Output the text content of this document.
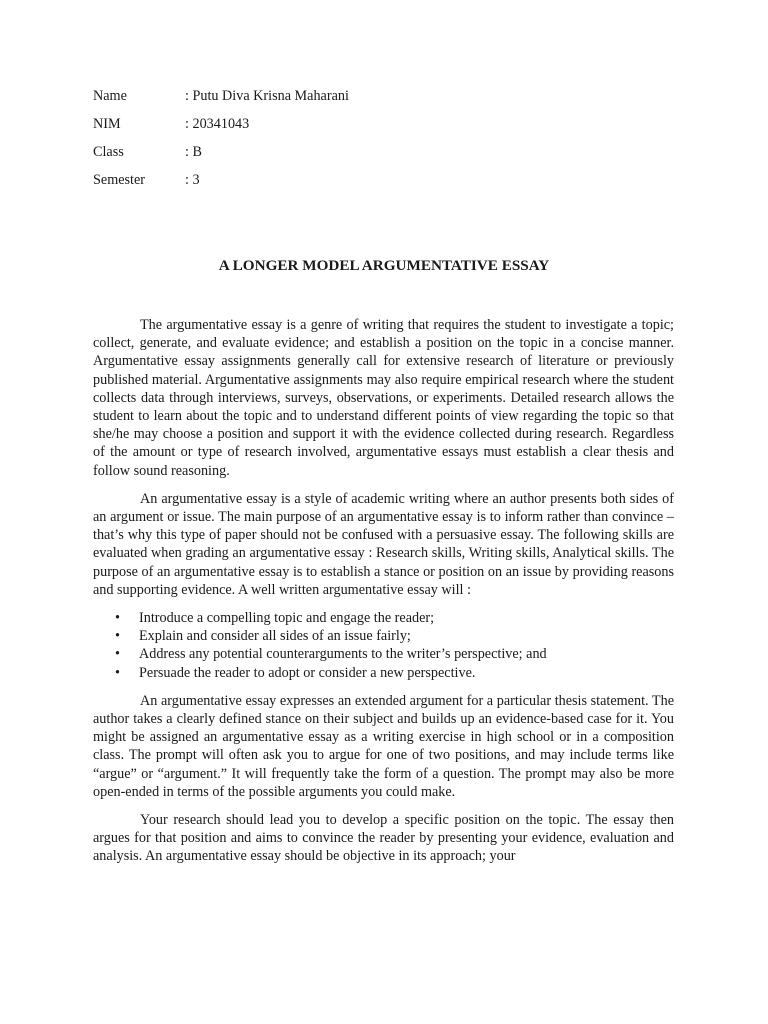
Name	: Putu Diva Krisna Maharani
NIM	: 20341043
Class	: B
Semester	: 3
A LONGER MODEL ARGUMENTATIVE ESSAY

The argumentative essay is a genre of writing that requires the student to investigate a topic; collect, generate, and evaluate evidence; and establish a position on the topic in a concise manner. Argumentative essay assignments generally call for extensive research of literature or previously published material. Argumentative assignments may also require empirical research where the student collects data through interviews, surveys, observations, or experiments. Detailed research allows the student to learn about the topic and to understand different points of view regarding the topic so that she/he may choose a position and support it with the evidence collected during research. Regardless of the amount or type of research involved, argumentative essays must establish a clear thesis and follow sound reasoning.

An argumentative essay is a style of academic writing where an author presents both sides of an argument or issue. The main purpose of an argumentative essay is to inform rather than convince – that’s why this type of paper should not be confused with a persuasive essay. The following skills are evaluated when grading an argumentative essay : Research skills, Writing skills, Analytical skills. The purpose of an argumentative essay is to establish a stance or position on an issue by providing reasons and supporting evidence. A well written argumentative essay will :

• Introduce a compelling topic and engage the reader;
• Explain and consider all sides of an issue fairly;
• Address any potential counterarguments to the writer’s perspective; and
• Persuade the reader to adopt or consider a new perspective.

An argumentative essay expresses an extended argument for a particular thesis statement. The author takes a clearly defined stance on their subject and builds up an evidence-based case for it. You might be assigned an argumentative essay as a writing exercise in high school or in a composition class. The prompt will often ask you to argue for one of two positions, and may include terms like “argue” or “argument.” It will frequently take the form of a question. The prompt may also be more open-ended in terms of the possible arguments you could make.

Your research should lead you to develop a specific position on the topic. The essay then argues for that position and aims to convince the reader by presenting your evidence, evaluation and analysis. An argumentative essay should be objective in its approach; your
